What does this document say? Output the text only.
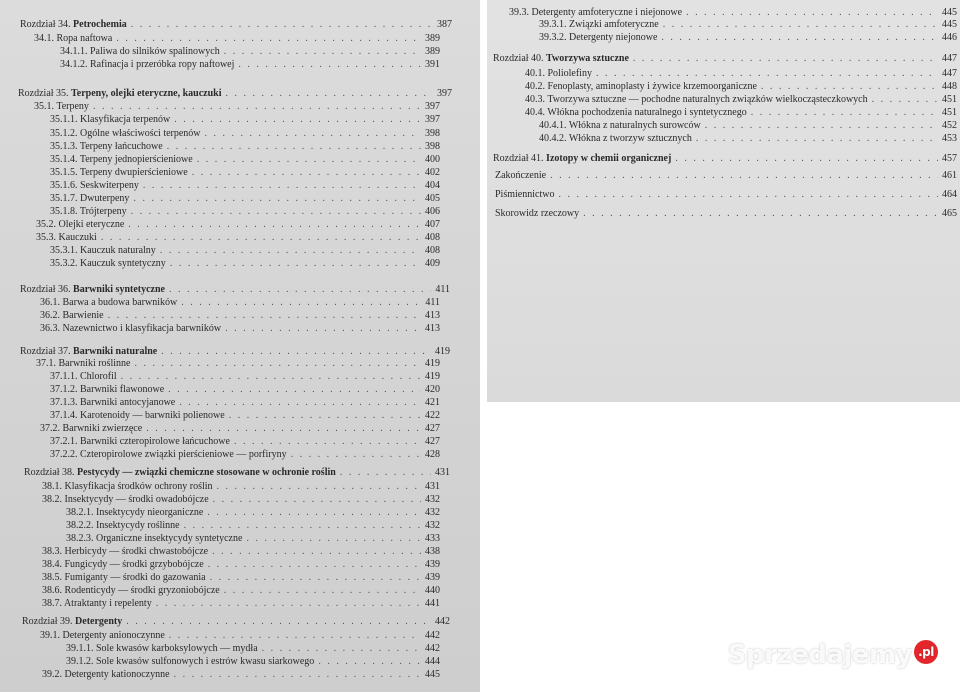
Rozdział 34. Petrochemia . . .	387
34.1. Ropa naftowa . . .	389
34.1.1. Paliwa do silników spalinowych . . .	389
34.1.2. Rafinacja i przeróbka ropy naftowej . . .	391
Rozdział 35. Terpeny, olejki eteryczne, kauczuki . . .	397
35.1. Terpeny . . .	397
35.1.1. Klasyfikacja terpenów . . .	397
35.1.2. Ogólne właściwości terpenów . . .	398
35.1.3. Terpeny łańcuchowe . . .	398
35.1.4. Terpeny jednopierścieniowe . . .	400
35.1.5. Terpeny dwupierścieniowe . . .	402
35.1.6. Seskwiterpeny . . .	404
35.1.7. Dwuterpeny . . .	405
35.1.8. Trójterpeny . . .	406
35.2. Olejki eteryczne . . .	407
35.3. Kauczuki . . .	408
35.3.1. Kauczuk naturalny . . .	408
35.3.2. Kauczuk syntetyczny . . .	409
Rozdział 36. Barwniki syntetyczne . . .	411
36.1. Barwa a budowa barwników . . .	411
36.2. Barwienie . . .	413
36.3. Nazewnictwo i klasyfikacja barwników . . .	413
Rozdział 37. Barwniki naturalne . . .	419
37.1. Barwniki roślinne . . .	419
37.1.1. Chlorofil . . .	419
37.1.2. Barwniki flawonowe . . .	420
37.1.3. Barwniki antocyjanowe . . .	421
37.1.4. Karotenoidy — barwniki polienowe . . .	422
37.2. Barwniki zwierzęce . . .	427
37.2.1. Barwniki czteropirolowe łańcuchowe . . .	427
37.2.2. Czteropirolowe związki pierścieniowe — porfiryny . . .	428
Rozdział 38. Pestycydy — związki chemiczne stosowane w ochronie roślin . . .	431
38.1. Klasyfikacja środków ochrony roślin . . .	431
38.2. Insektycydy — środki owadobójcze . . .	432
38.2.1. Insektycydy nieorganiczne . . .	432
38.2.2. Insektycydy roślinne . . .	432
38.2.3. Organiczne insektycydy syntetyczne . . .	433
38.3. Herbicydy — środki chwastobójcze . . .	438
38.4. Fungicydy — środki grzybobójcze . . .	439
38.5. Fumiganty — środki do gazowania . . .	439
38.6. Rodenticydy — środki gryzoniobójcze . . .	440
38.7. Atraktanty i repelenty . . .	441
Rozdział 39. Detergenty . . .	442
39.1. Detergenty anionoczynne . . .	442
39.1.1. Sole kwasów karboksylowych — mydła . . .	442
39.1.2. Sole kwasów sulfonowych i estrów kwasu siarkowego . . .	444
39.2. Detergenty kationoczynne . . .	445
39.3. Detergenty amfoteryczne i niejonowe . . .	445
39.3.1. Związki amfoteryczne . . .	445
39.3.2. Detergenty niejonowe . . .	446
Rozdział 40. Tworzywa sztuczne . . .	447
40.1. Poliolefiny . . .	447
40.2. Fenoplasty, aminoplasty i żywice krzemoorganiczne . . .	448
40.3. Tworzywa sztuczne — pochodne naturalnych związków wielkocząsteczkowych . . .	451
40.4. Włókna pochodzenia naturalnego i syntetycznego . . .	451
40.4.1. Włókna z naturalnych surowców . . .	452
40.4.2. Włókna z tworzyw sztucznych . . .	453
Rozdział 41. Izotopy w chemii organicznej . . .	457
Zakończenie . . .	461
Piśmiennictwo . . .	464
Skorowidz rzeczowy . . .	465
Sprzedajemy .pl
